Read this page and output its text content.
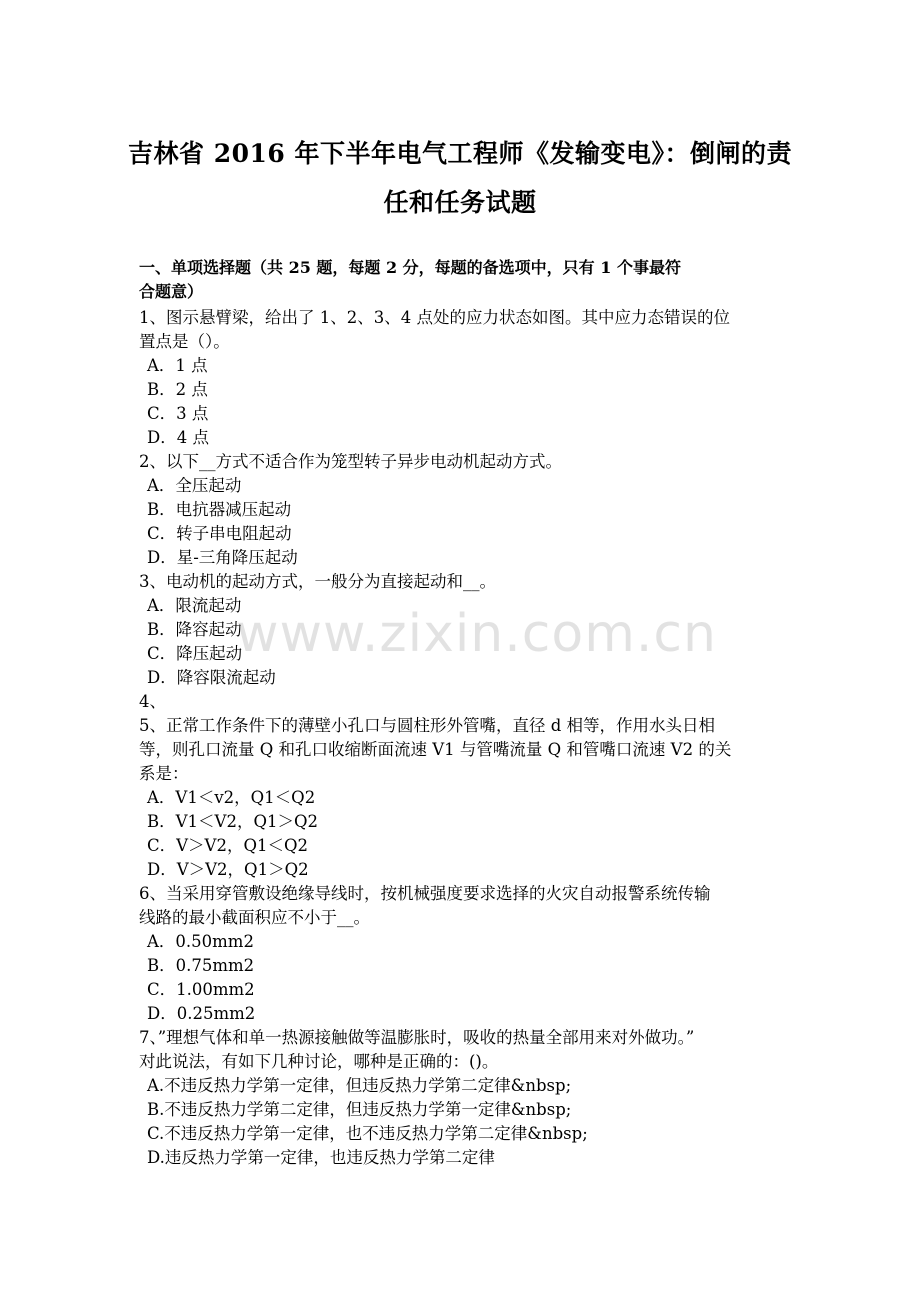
吉林省 2016 年下半年电气工程师《发输变电》：倒闸的责
任和任务试题
一、单项选择题（共 25 题，每题 2 分，每题的备选项中，只有 1 个事最符
合题意）
1、图示悬臂梁，给出了 1、2、3、4 点处的应力状态如图。其中应力态错误的位
置点是（）。
A．1 点
B．2 点
C．3 点
D．4 点
2、以下__方式不适合作为笼型转子异步电动机起动方式。
A．全压起动
B．电抗器减压起动
C．转子串电阻起动
D．星-三角降压起动
3、电动机的起动方式，一般分为直接起动和__。
A．限流起动
B．降容起动
C．降压起动
D．降容限流起动
4、
5、正常工作条件下的薄壁小孔口与圆柱形外管嘴，直径 d 相等，作用水头日相
等，则孔口流量 Q 和孔口收缩断面流速 V1 与管嘴流量 Q 和管嘴口流速 V2 的关
系是：
A．V1＜v2，Q1＜Q2
B．V1＜V2，Q1＞Q2
C．V＞V2，Q1＜Q2
D．V＞V2，Q1＞Q2
6、当采用穿管敷设绝缘导线时，按机械强度要求选择的火灾自动报警系统传输
线路的最小截面积应不小于__。
A．0.50mm2
B．0.75mm2
C．1.00mm2
D．0.25mm2
7、”理想气体和单一热源接触做等温膨胀时，吸收的热量全部用来对外做功。”
对此说法，有如下几种讨论，哪种是正确的：()。
A.不违反热力学第一定律，但违反热力学第二定律&nbsp;
B.不违反热力学第二定律，但违反热力学第一定律&nbsp;
C.不违反热力学第一定律，也不违反热力学第二定律&nbsp;
D.违反热力学第一定律，也违反热力学第二定律
www.zixin.com.cn
